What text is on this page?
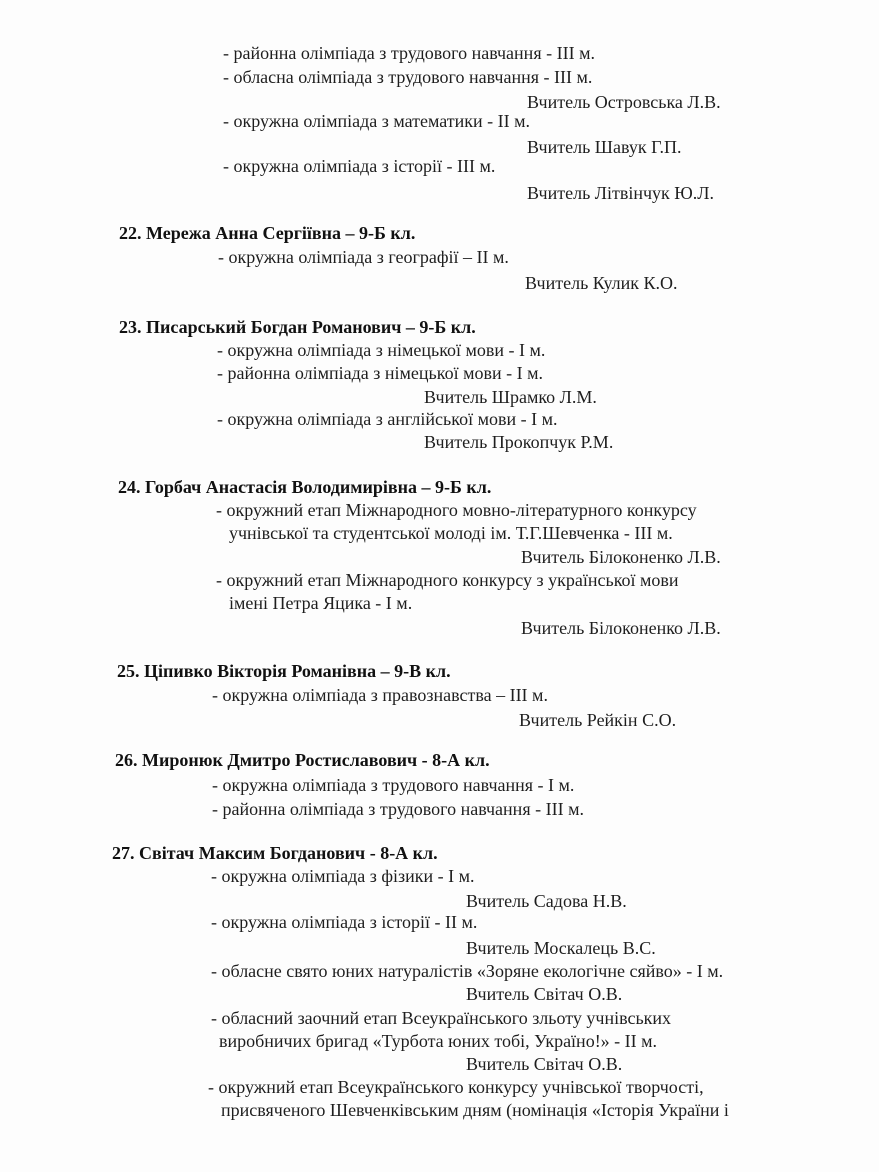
- районна олімпіада з трудового навчання - ІІІ м.
- обласна олімпіада з трудового навчання - ІІІ м.
Вчитель Островська Л.В.
- окружна олімпіада з математики - ІІ м.
Вчитель Шавук Г.П.
- окружна олімпіада з історії - ІІІ м.
Вчитель Літвінчук Ю.Л.
22. Мережа Анна Сергіївна – 9-Б кл.
- окружна олімпіада з географії – ІІ м.
Вчитель Кулик К.О.
23. Писарський Богдан Романович – 9-Б кл.
- окружна олімпіада з німецької мови - І м.
- районна олімпіада з німецької мови - І м.
Вчитель Шрамко Л.М.
- окружна олімпіада з англійської мови - І м.
Вчитель Прокопчук Р.М.
24. Горбач Анастасія Володимирівна – 9-Б кл.
- окружний етап Міжнародного мовно-літературного конкурсу
учнівської та студентської молоді ім. Т.Г.Шевченка - ІІІ м.
Вчитель Білоконенко Л.В.
- окружний етап Міжнародного конкурсу з української мови
імені Петра Яцика - І м.
Вчитель Білоконенко Л.В.
25. Ціпивко Вікторія Романівна – 9-В кл.
- окружна олімпіада з правознавства – ІІІ м.
Вчитель Рейкін С.О.
26. Миронюк Дмитро Ростиславович - 8-А кл.
- окружна олімпіада з трудового навчання - І м.
- районна олімпіада з трудового навчання - ІІІ м.
27. Світач Максим Богданович - 8-А кл.
- окружна олімпіада з фізики - І м.
Вчитель Садова Н.В.
- окружна олімпіада з історії - ІІ м.
Вчитель Москалець В.С.
- обласне свято юних натуралістів «Зоряне екологічне сяйво» - І м.
Вчитель Світач О.В.
- обласний заочний етап Всеукраїнського зльоту учнівських
виробничих бригад «Турбота юних тобі, Україно!» - ІІ м.
Вчитель Світач О.В.
- окружний етап Всеукраїнського конкурсу учнівської творчості,
присвяченого Шевченківським дням (номінація «Історія України і
